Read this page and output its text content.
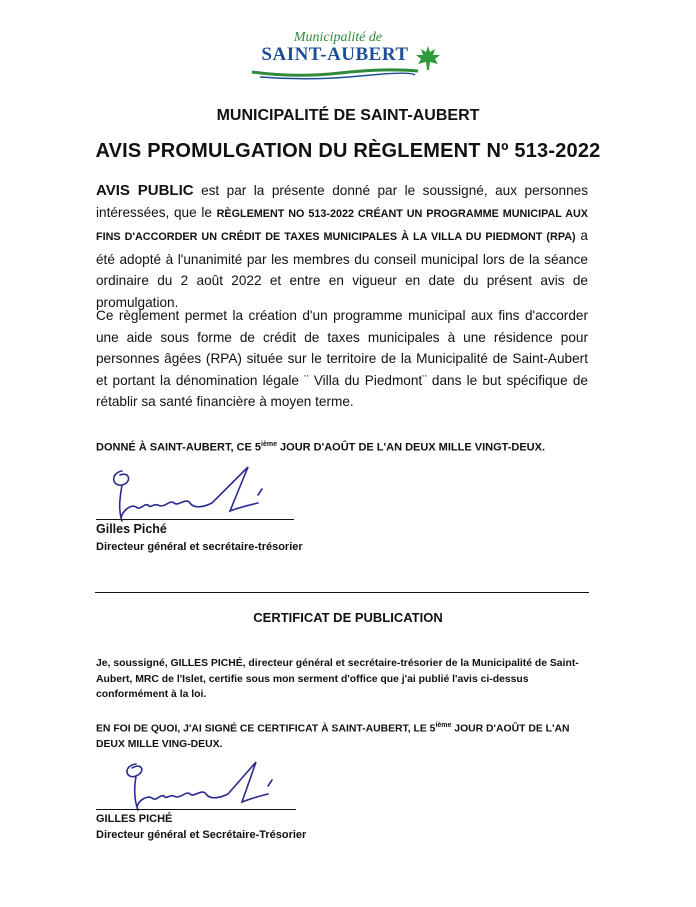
Municipalité de
SAINT-AUBERT
MUNICIPALITÉ DE SAINT-AUBERT
AVIS PROMULGATION DU RÈGLEMENT Nº 513-2022
AVIS PUBLIC est par la présente donné par le soussigné, aux personnes intéressées, que le RÈGLEMENT NO 513-2022 CRÉANT UN PROGRAMME MUNICIPAL AUX FINS D'ACCORDER UN CRÉDIT DE TAXES MUNICIPALES À LA VILLA DU PIEDMONT (RPA) a été adopté à l'unanimité par les membres du conseil municipal lors de la séance ordinaire du 2 août 2022 et entre en vigueur en date du présent avis de promulgation.
Ce règlement permet la création d'un programme municipal aux fins d'accorder une aide sous forme de crédit de taxes municipales à une résidence pour personnes âgées (RPA) située sur le territoire de la Municipalité de Saint-Aubert et portant la dénomination légale ¨ Villa du Piedmont¨ dans le but spécifique de rétablir sa santé financière à moyen terme.
DONNÉ À SAINT-AUBERT, CE 5ième JOUR D'AOÛT DE L'AN DEUX MILLE VINGT-DEUX.
Gilles Piché
Directeur général et secrétaire-trésorier
CERTIFICAT DE PUBLICATION
Je, soussigné, GILLES PICHÉ, directeur général et secrétaire-trésorier de la Municipalité de Saint-Aubert, MRC de l'Islet, certifie sous mon serment d'office que j'ai publié l'avis ci-dessus conformément à la loi.
EN FOI DE QUOI, J'AI SIGNÉ CE CERTIFICAT À SAINT-AUBERT, LE 5ième JOUR D'AOÛT DE L'AN DEUX MILLE VING-DEUX.
GILLES PICHÉ
Directeur général et Secrétaire-Trésorier
